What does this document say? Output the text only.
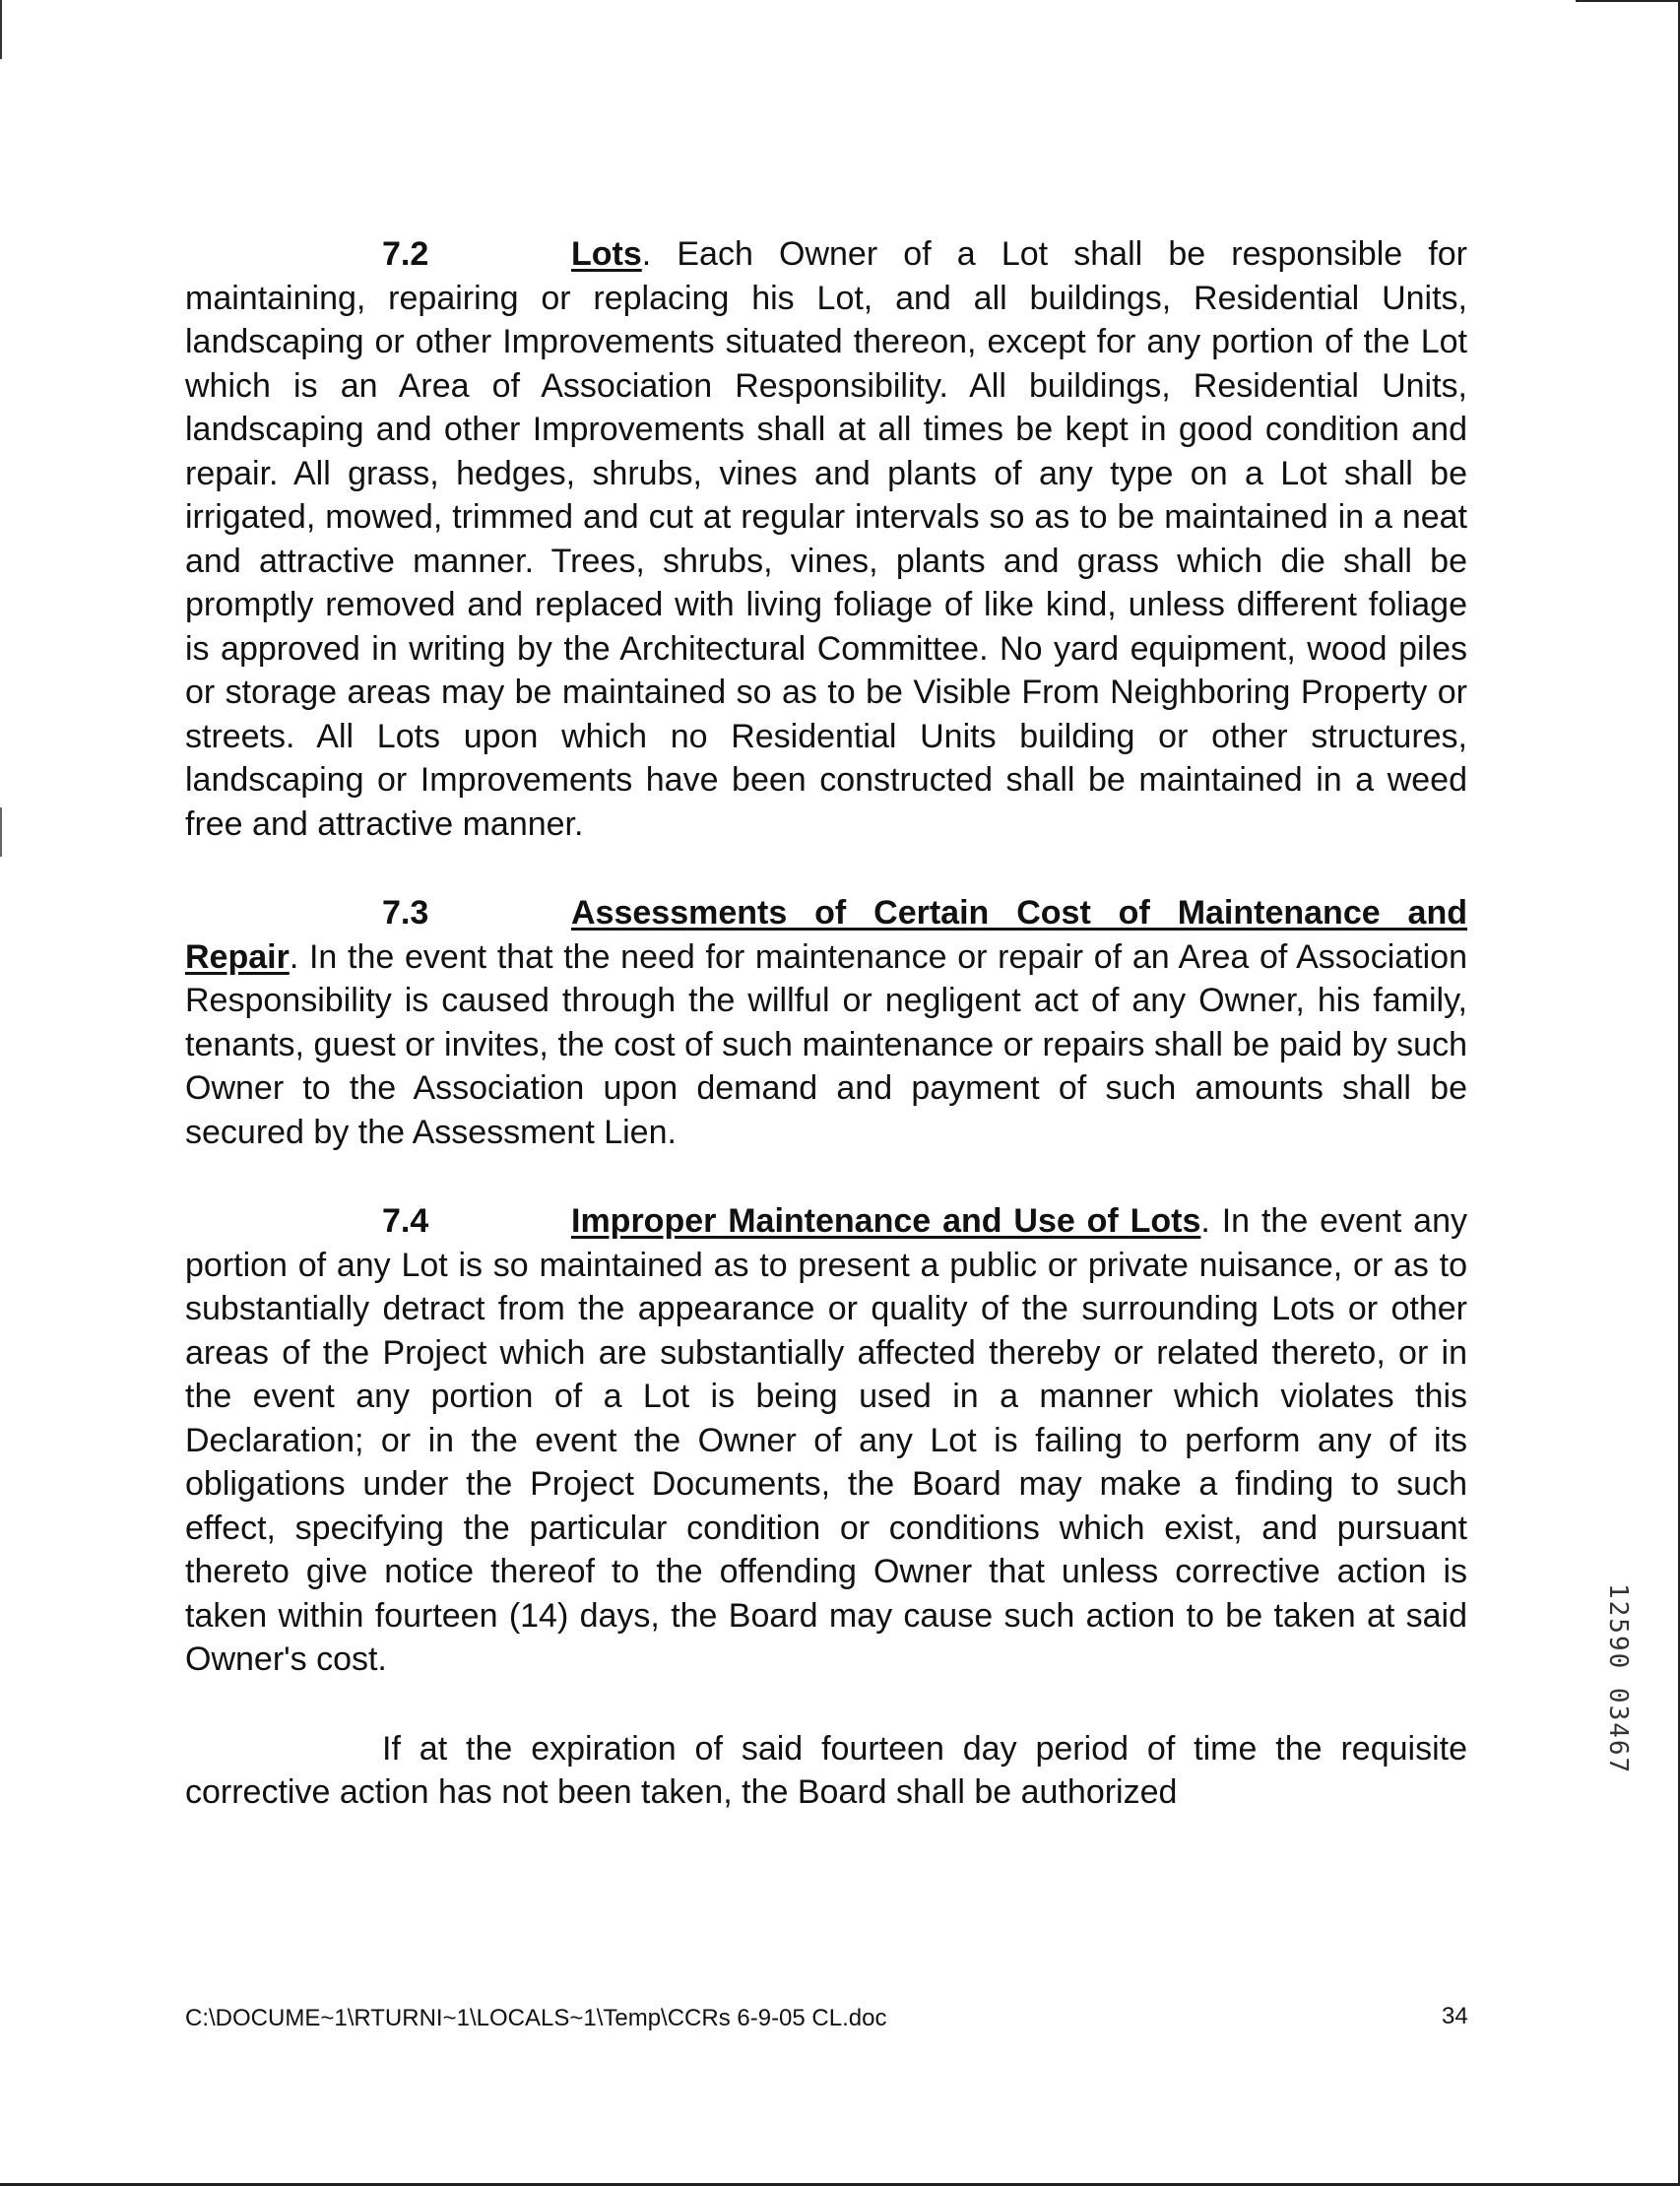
7.2	Lots. Each Owner of a Lot shall be responsible for maintaining, repairing or replacing his Lot, and all buildings, Residential Units, landscaping or other Improvements situated thereon, except for any portion of the Lot which is an Area of Association Responsibility. All buildings, Residential Units, landscaping and other Improvements shall at all times be kept in good condition and repair. All grass, hedges, shrubs, vines and plants of any type on a Lot shall be irrigated, mowed, trimmed and cut at regular intervals so as to be maintained in a neat and attractive manner. Trees, shrubs, vines, plants and grass which die shall be promptly removed and replaced with living foliage of like kind, unless different foliage is approved in writing by the Architectural Committee. No yard equipment, wood piles or storage areas may be maintained so as to be Visible From Neighboring Property or streets. All Lots upon which no Residential Units building or other structures, landscaping or Improvements have been constructed shall be maintained in a weed free and attractive manner.

7.3	Assessments of Certain Cost of Maintenance and Repair. In the event that the need for maintenance or repair of an Area of Association Responsibility is caused through the willful or negligent act of any Owner, his family, tenants, guest or invites, the cost of such maintenance or repairs shall be paid by such Owner to the Association upon demand and payment of such amounts shall be secured by the Assessment Lien.

7.4	Improper Maintenance and Use of Lots. In the event any portion of any Lot is so maintained as to present a public or private nuisance, or as to substantially detract from the appearance or quality of the surrounding Lots or other areas of the Project which are substantially affected thereby or related thereto, or in the event any portion of a Lot is being used in a manner which violates this Declaration; or in the event the Owner of any Lot is failing to perform any of its obligations under the Project Documents, the Board may make a finding to such effect, specifying the particular condition or conditions which exist, and pursuant thereto give notice thereof to the offending Owner that unless corrective action is taken within fourteen (14) days, the Board may cause such action to be taken at said Owner's cost.

If at the expiration of said fourteen day period of time the requisite corrective action has not been taken, the Board shall be authorized

C:\DOCUME~1\RTURNI~1\LOCALS~1\Temp\CCRs 6-9-05 CL.doc	34
12590 03467
